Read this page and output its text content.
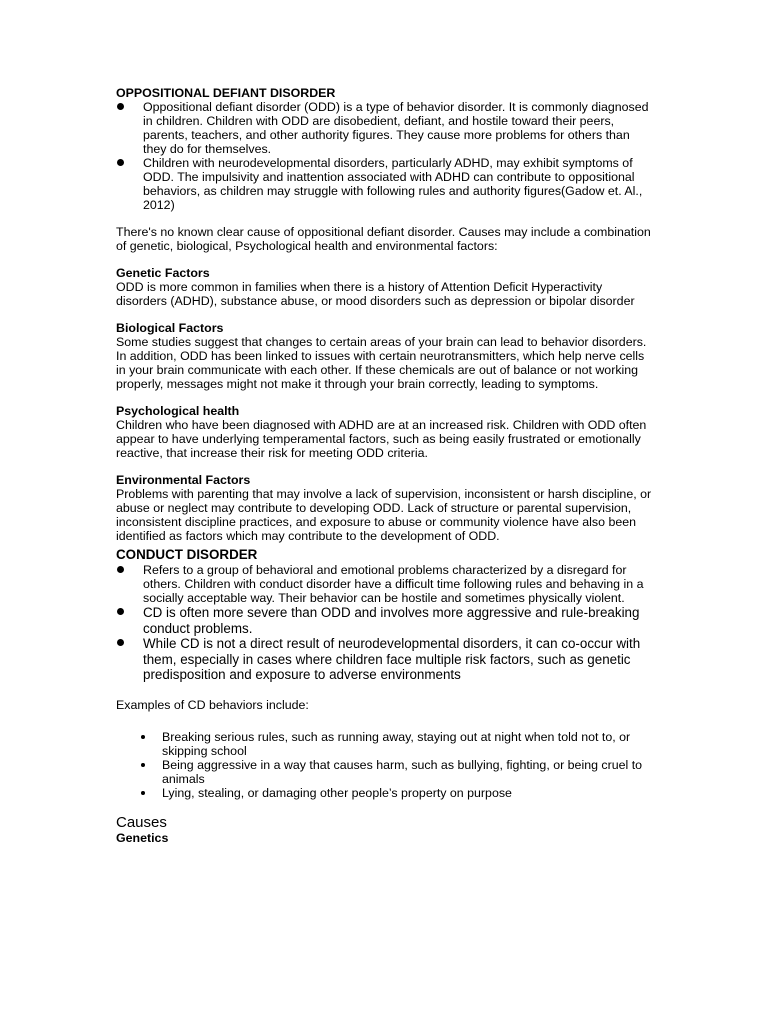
OPPOSITIONAL DEFIANT DISORDER
Oppositional defiant disorder (ODD) is a type of behavior disorder. It is commonly diagnosed in children. Children with ODD are disobedient, defiant, and hostile toward their peers, parents, teachers, and other authority figures. They cause more problems for others than they do for themselves.
Children with neurodevelopmental disorders, particularly ADHD, may exhibit symptoms of ODD. The impulsivity and inattention associated with ADHD can contribute to oppositional behaviors, as children may struggle with following rules and authority figures(Gadow et. Al., 2012)

There's no known clear cause of oppositional defiant disorder. Causes may include a combination of genetic, biological, Psychological health and environmental factors:

Genetic Factors

ODD is more common in families when there is a history of Attention Deficit Hyperactivity disorders (ADHD), substance abuse, or mood disorders such as depression or bipolar disorder

Biological Factors

Some studies suggest that changes to certain areas of your brain can lead to behavior disorders. In addition, ODD has been linked to issues with certain neurotransmitters, which help nerve cells in your brain communicate with each other. If these chemicals are out of balance or not working properly, messages might not make it through your brain correctly, leading to symptoms.

Psychological health

Children who have been diagnosed with ADHD are at an increased risk. Children with ODD often appear to have underlying temperamental factors, such as being easily frustrated or emotionally reactive, that increase their risk for meeting ODD criteria.

Environmental Factors

Problems with parenting that may involve a lack of supervision, inconsistent or harsh discipline, or abuse or neglect may contribute to developing ODD. Lack of structure or parental supervision, inconsistent discipline practices, and exposure to abuse or community violence have also been identified as factors which may contribute to the development of ODD.

CONDUCT DISORDER
Refers to a group of behavioral and emotional problems characterized by a disregard for others. Children with conduct disorder have a difficult time following rules and behaving in a socially acceptable way. Their behavior can be hostile and sometimes physically violent.
CD is often more severe than ODD and involves more aggressive and rule-breaking conduct problems.
While CD is not a direct result of neurodevelopmental disorders, it can co-occur with them, especially in cases where children face multiple risk factors, such as genetic predisposition and exposure to adverse environments

Examples of CD behaviors include:

Breaking serious rules, such as running away, staying out at night when told not to, or skipping school
Being aggressive in a way that causes harm, such as bullying, fighting, or being cruel to animals
Lying, stealing, or damaging other people’s property on purpose
Causes
Genetics
